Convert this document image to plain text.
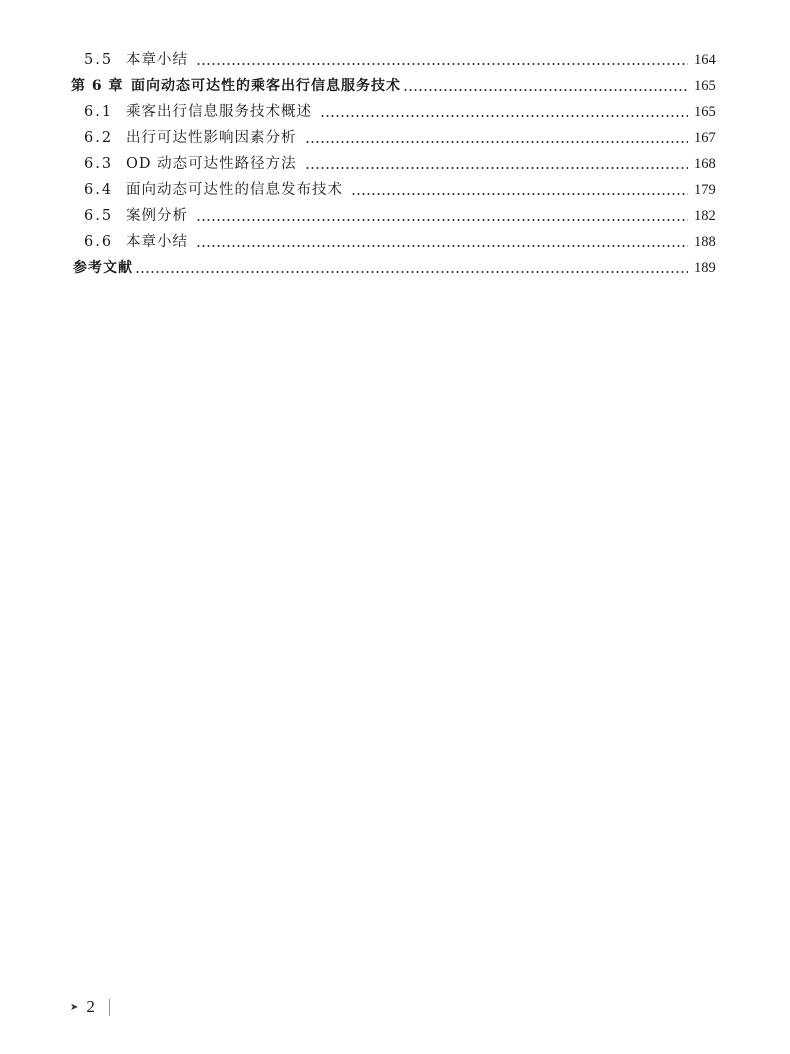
5.5 本章小结	164
第 6 章 面向动态可达性的乘客出行信息服务技术	165
6.1 乘客出行信息服务技术概述	165
6.2 出行可达性影响因素分析	167
6.3 OD 动态可达性路径方法	168
6.4 面向动态可达性的信息发布技术	179
6.5 案例分析	182
6.6 本章小结	188
参考文献	189
➤ 2
